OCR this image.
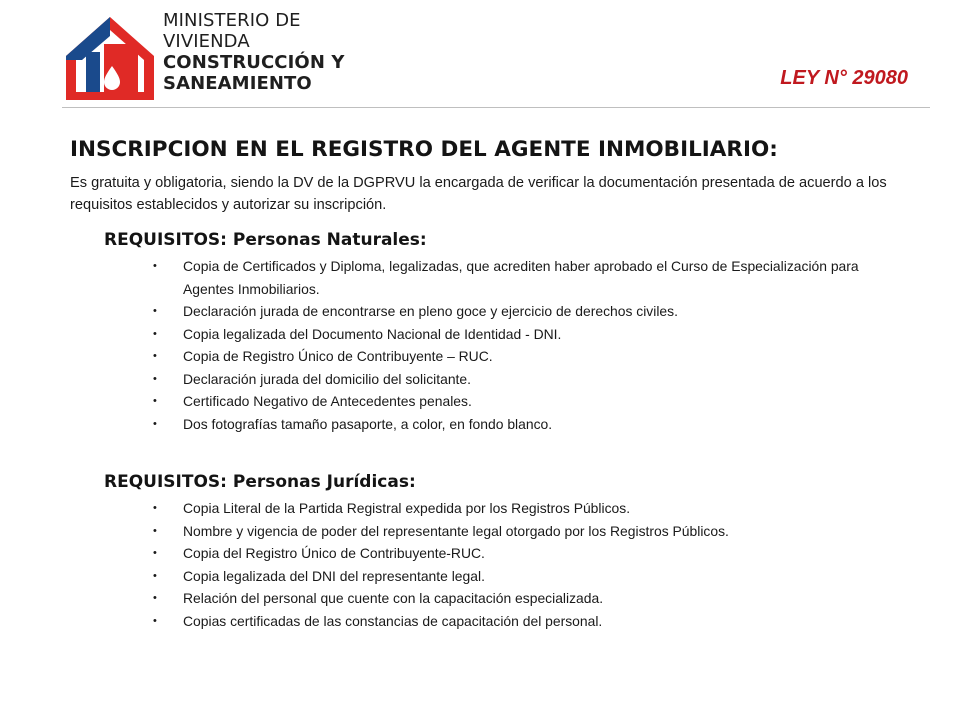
MINISTERIO DE
VIVIENDA
CONSTRUCCIÓN Y
SANEAMIENTO	LEY N° 29080
INSCRIPCION EN EL REGISTRO DEL AGENTE INMOBILIARIO:

Es gratuita y obligatoria, siendo la DV de la DGPRVU la encargada de verificar la documentación presentada de acuerdo a los requisitos establecidos y autorizar su inscripción.

REQUISITOS: Personas Naturales:
• Copia de Certificados y Diploma, legalizadas, que acrediten haber aprobado el Curso de Especialización para Agentes Inmobiliarios.
• Declaración jurada de encontrarse en pleno goce y ejercicio de derechos civiles.
• Copia legalizada del Documento Nacional de Identidad - DNI.
• Copia de Registro Único de Contribuyente – RUC.
• Declaración jurada del domicilio del solicitante.
• Certificado Negativo de Antecedentes penales.
• Dos fotografías tamaño pasaporte, a color, en fondo blanco.
REQUISITOS: Personas Jurídicas:
• Copia Literal de la Partida Registral expedida por los Registros Públicos.
• Nombre y vigencia de poder del representante legal otorgado por los Registros Públicos.
• Copia del Registro Único de Contribuyente-RUC.
• Copia legalizada del DNI del representante legal.
• Relación del personal que cuente con la capacitación especializada.
• Copias certificadas de las constancias de capacitación del personal.
